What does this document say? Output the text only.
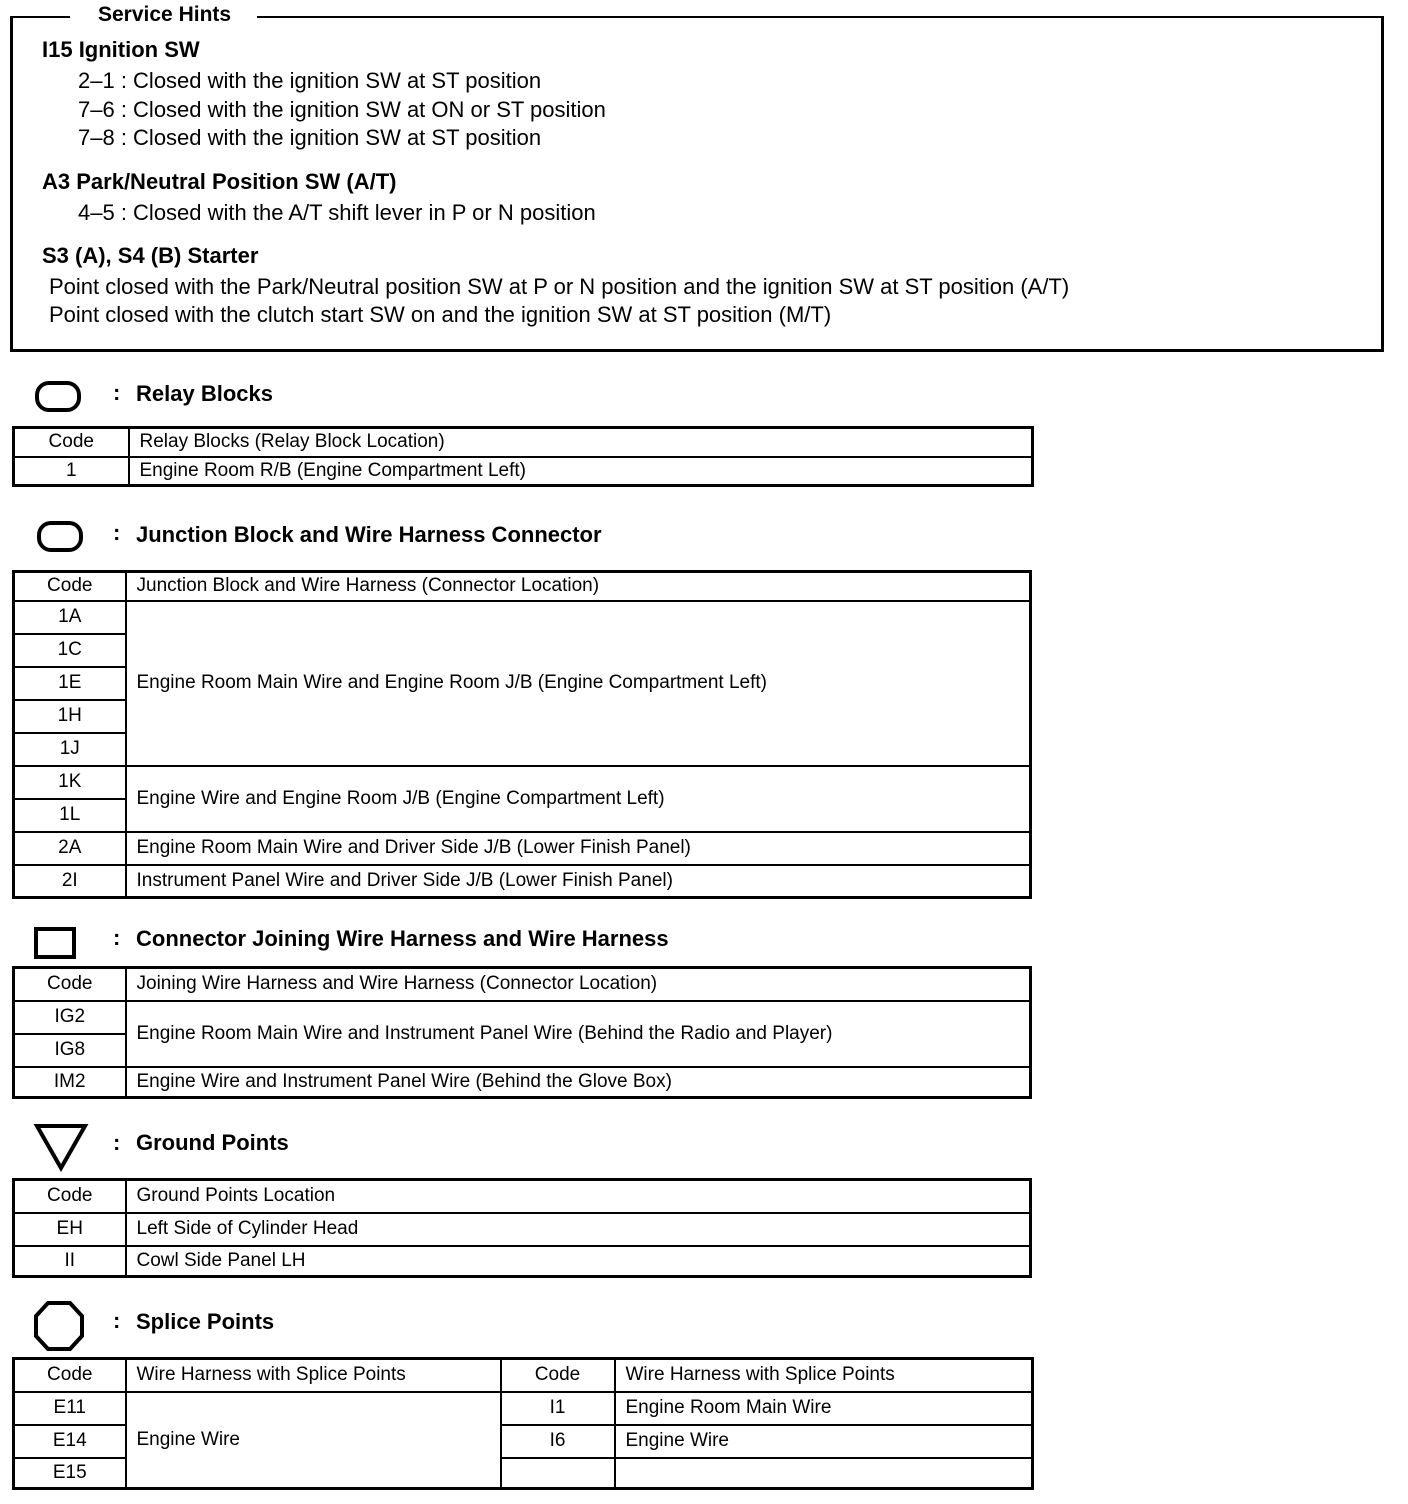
Service Hints
I15 Ignition SW
2–1 : Closed with the ignition SW at ST position
7–6 : Closed with the ignition SW at ON or ST position
7–8 : Closed with the ignition SW at ST position
A3 Park/Neutral Position SW (A/T)
4–5 : Closed with the A/T shift lever in P or N position
S3 (A), S4 (B) Starter
Point closed with the Park/Neutral position SW at P or N position and the ignition SW at ST position (A/T)
Point closed with the clutch start SW on and the ignition SW at ST position (M/T)
: Relay Blocks
Code	Relay Blocks (Relay Block Location)
1	Engine Room R/B (Engine Compartment Left)
: Junction Block and Wire Harness Connector
Code	Junction Block and Wire Harness (Connector Location)
1A	Engine Room Main Wire and Engine Room J/B (Engine Compartment Left)
1C	
1E	
1H	
1J	
1K	Engine Wire and Engine Room J/B (Engine Compartment Left)
1L	
2A	Engine Room Main Wire and Driver Side J/B (Lower Finish Panel)
2I	Instrument Panel Wire and Driver Side J/B (Lower Finish Panel)
: Connector Joining Wire Harness and Wire Harness
Code	Joining Wire Harness and Wire Harness (Connector Location)
IG2	Engine Room Main Wire and Instrument Panel Wire (Behind the Radio and Player)
IG8	
IM2	Engine Wire and Instrument Panel Wire (Behind the Glove Box)
: Ground Points
Code	Ground Points Location
EH	Left Side of Cylinder Head
II	Cowl Side Panel LH
: Splice Points
Code	Wire Harness with Splice Points	Code	Wire Harness with Splice Points
E11	Engine Wire	I1	Engine Room Main Wire
E14		I6	Engine Wire
E15			
